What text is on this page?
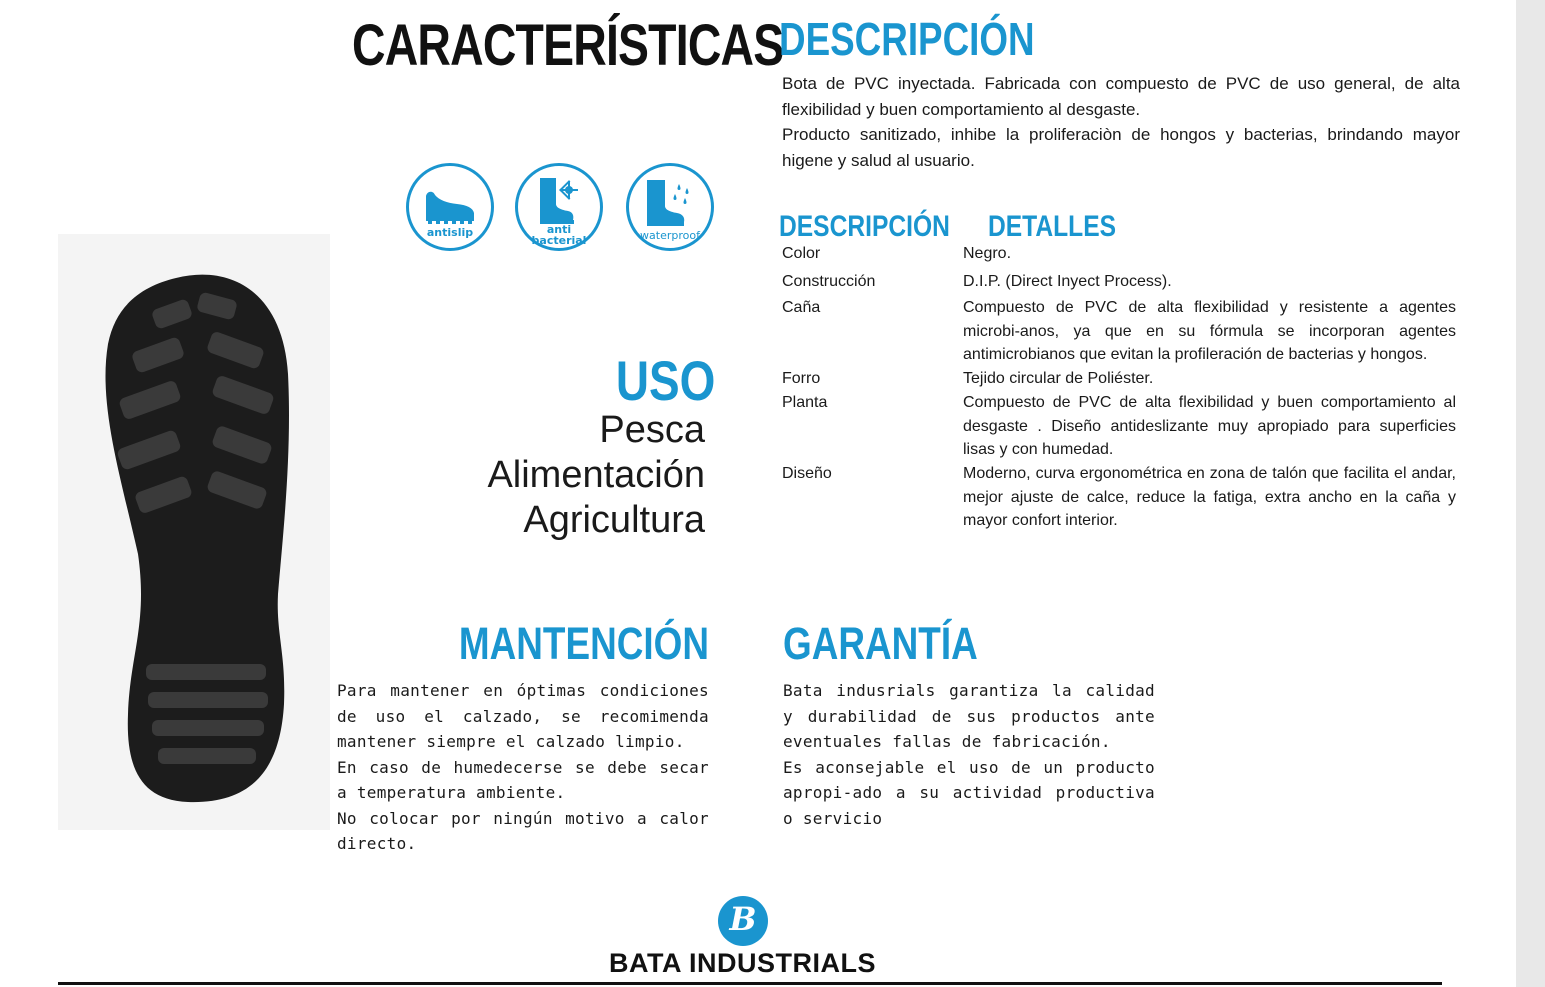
CARACTERÍSTICAS
DESCRIPCIÓN

Bota de PVC inyectada. Fabricada con compuesto de PVC de uso general, de alta flexibilidad y buen comportamiento al desgaste.

Producto sanitizado, inhibe la proliferaciòn de hongos y bacterias, brindando mayor higene y salud al usuario.

antislip	anti
bacterial	waterproof
USO
Pesca
Alimentación
Agricultura
DESCRIPCIÓN DETALLES
Color	Negro.
Construcción	D.I.P. (Direct Inyect Process).
Caña	Compuesto de PVC de alta flexibilidad y resistente a agentes microbi-anos, ya que en su fórmula se incorporan agentes antimicrobianos que evitan la profileración de bacterias y hongos.
Forro	Tejido circular de Poliéster.
Planta	Compuesto de PVC de alta flexibilidad y buen comportamiento al desgaste . Diseño antideslizante muy apropiado para superficies lisas y con humedad.
Diseño	Moderno, curva ergonométrica en zona de talón que facilita el andar, mejor ajuste de calce, reduce la fatiga, extra ancho en la caña y mayor confort interior.
MANTENCIÓN

Para mantener en óptimas condiciones de uso el calzado, se recomimenda mantener siempre el calzado limpio.

En caso de humedecerse se debe secar a temperatura ambiente.

No colocar por ningún motivo a calor directo.

GARANTÍA

Bata indusrials garantiza la calidad y durabilidad de sus productos ante eventuales fallas de fabricación.

Es aconsejable el uso de un producto apropi-ado a su actividad productiva o servicio

B
BATA INDUSTRIALS
